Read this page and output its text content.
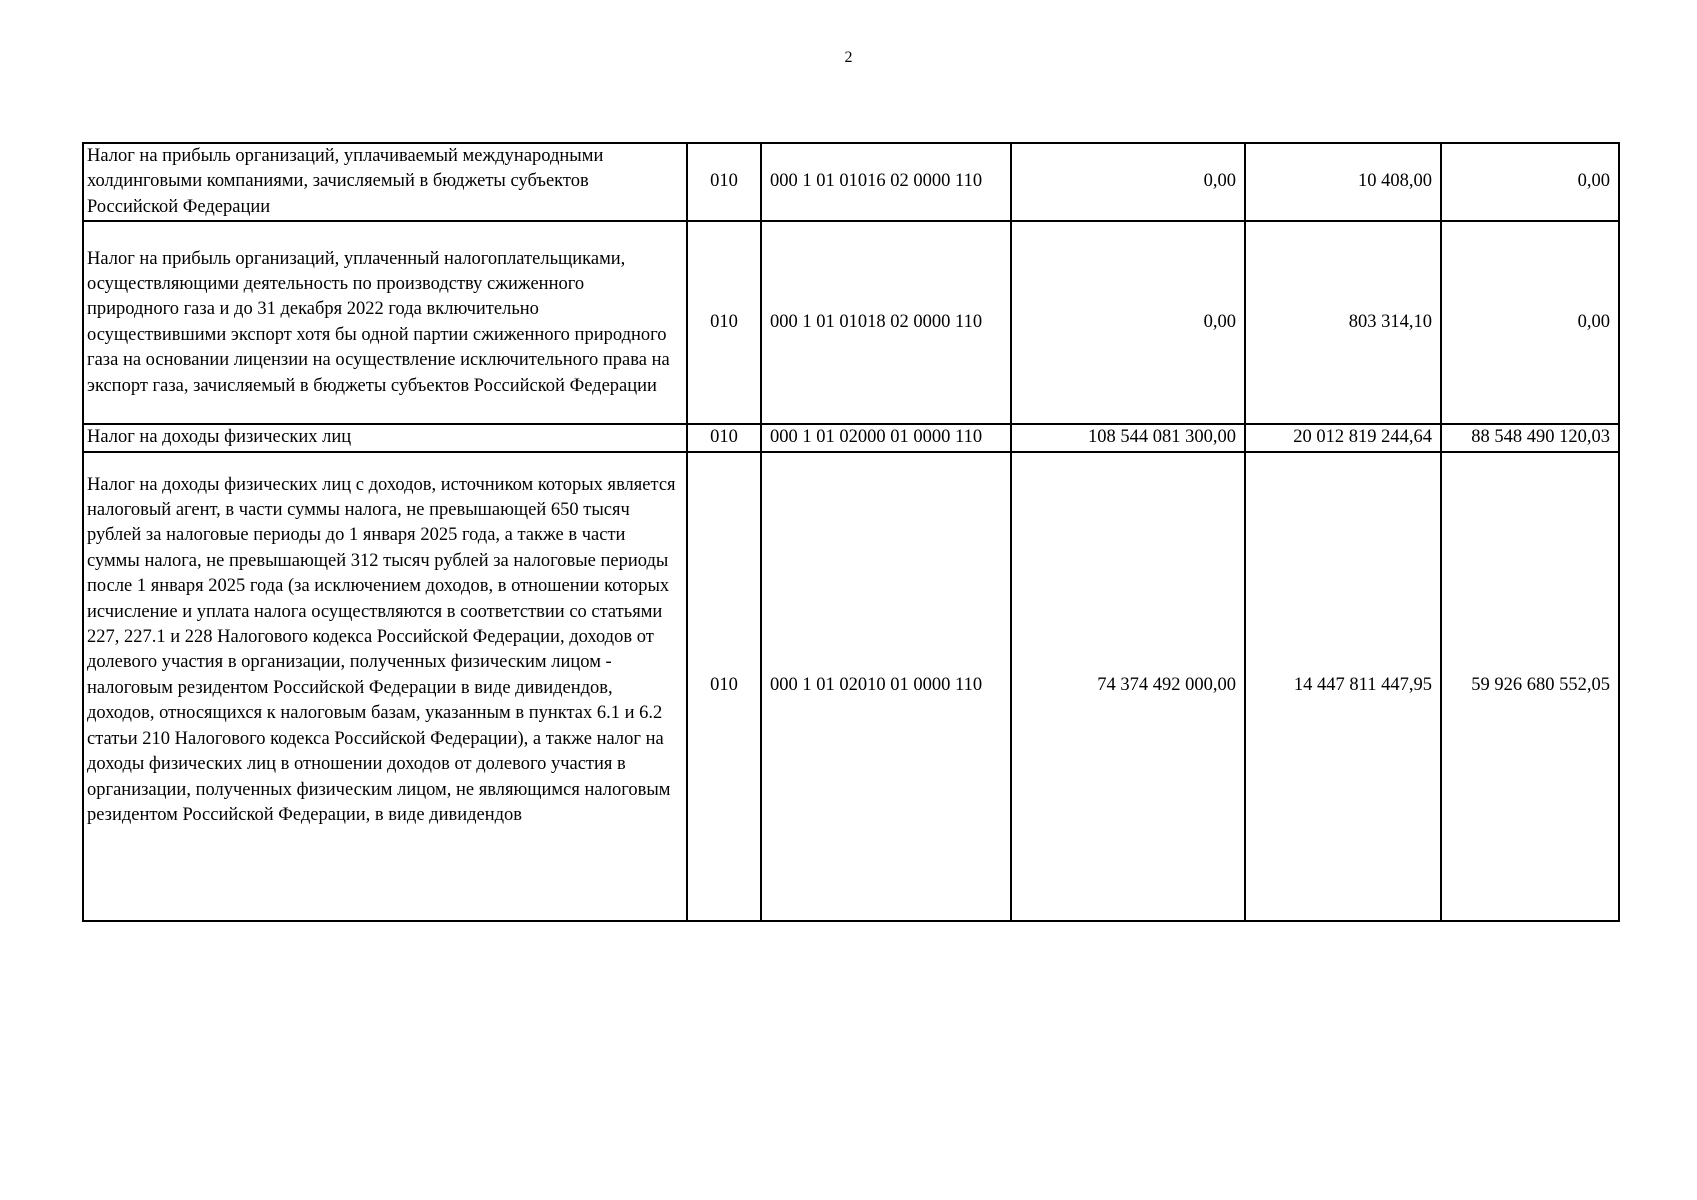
2
Налог на прибыль организаций, уплачиваемый международными холдинговыми компаниями, зачисляемый в бюджеты субъектов Российской Федерации	010	000 1 01 01016 02 0000 110	0,00	10 408,00	0,00
Налог на прибыль организаций, уплаченный налогоплательщиками, осуществляющими деятельность по производству сжиженного природного газа и до 31 декабря 2022 года включительно осуществившими экспорт хотя бы одной партии сжиженного природного газа на основании лицензии на осуществление исключительного права на экспорт газа, зачисляемый в бюджеты субъектов Российской Федерации	010	000 1 01 01018 02 0000 110	0,00	803 314,10	0,00
Налог на доходы физических лиц	010	000 1 01 02000 01 0000 110	108 544 081 300,00	20 012 819 244,64	88 548 490 120,03
Налог на доходы физических лиц с доходов, источником которых является налоговый агент, в части суммы налога, не превышающей 650 тысяч рублей за налоговые периоды до 1 января 2025 года, а также в части суммы налога, не превышающей 312 тысяч рублей за налоговые периоды после 1 января 2025 года (за исключением доходов, в отношении которых исчисление и уплата налога осуществляются в соответствии со статьями 227, 227.1 и 228 Налогового кодекса Российской Федерации, доходов от долевого участия в организации, полученных физическим лицом - налоговым резидентом Российской Федерации в виде дивидендов, доходов, относящихся к налоговым базам, указанным в пунктах 6.1 и 6.2 статьи 210 Налогового кодекса Российской Федерации), а также налог на доходы физических лиц в отношении доходов от долевого участия в организации, полученных физическим лицом, не являющимся налоговым резидентом Российской Федерации, в виде дивидендов	010	000 1 01 02010 01 0000 110	74 374 492 000,00	14 447 811 447,95	59 926 680 552,05
